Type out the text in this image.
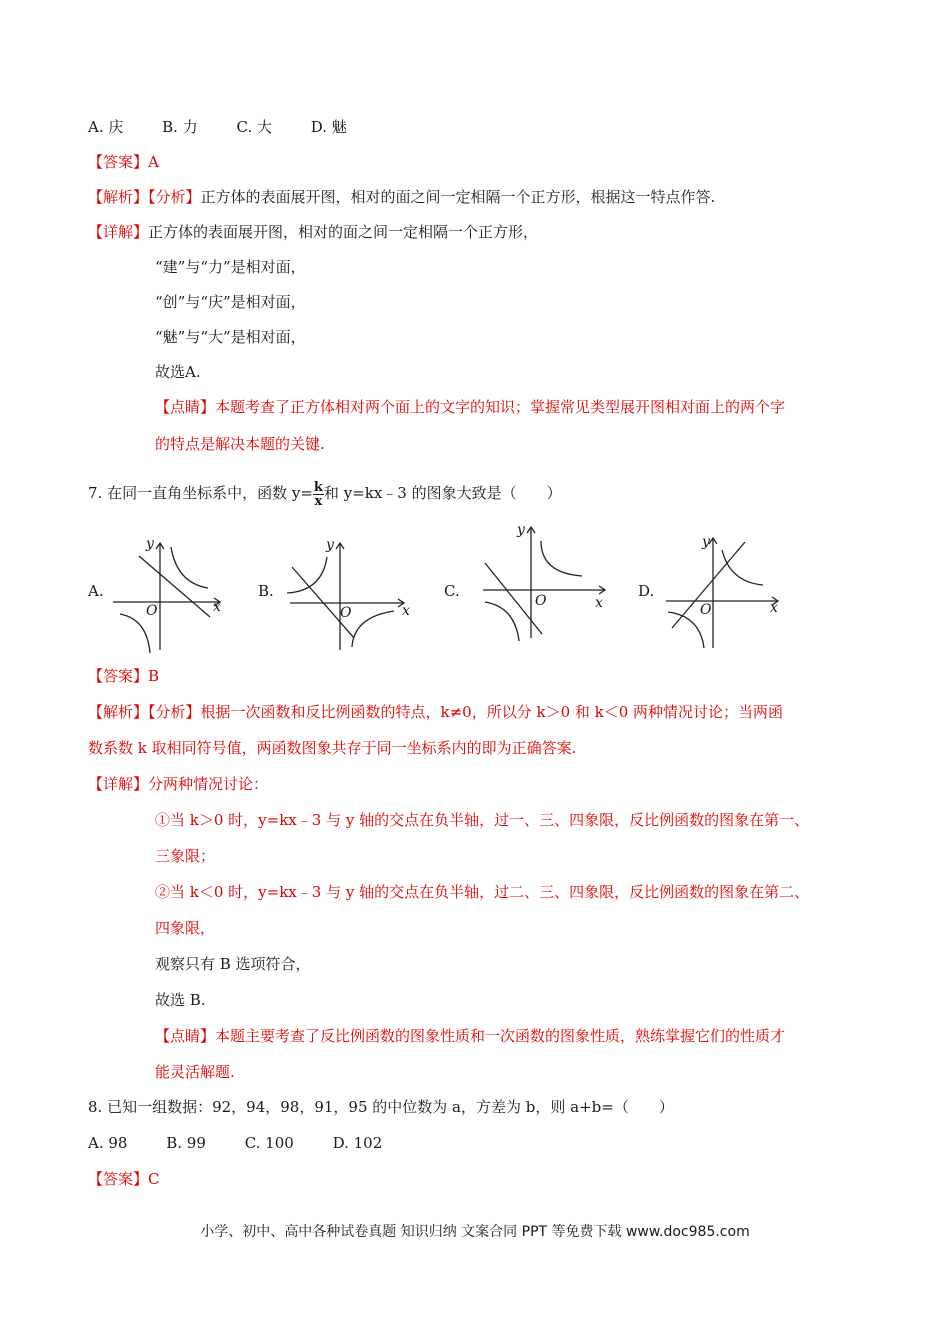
A. 庆	B. 力	C. 大	D. 魅
【答案】A
【解析】【分析】正方体的表面展开图，相对的面之间一定相隔一个正方形，根据这一特点作答.
【详解】正方体的表面展开图，相对的面之间一定相隔一个正方形，
“建”与“力”是相对面，
“创”与“庆”是相对面，
“魅”与“大”是相对面，
故选A.
【点睛】本题考查了正方体相对两个面上的文字的知识；掌握常见类型展开图相对面上的两个字
的特点是解决本题的关键.
7. 在同一直角坐标系中，函数 $y= \frac{k}{x}$ 和 y=kx﹣3 的图象大致是（　　）
A.	B.	C.	D.
y
x
O
y
x
O
y
x
O
y
x
O
【答案】B
【解析】【分析】根据一次函数和反比例函数的特点，k≠0，所以分 k＞0 和 k＜0 两种情况讨论；当两函
数系数 k 取相同符号值，两函数图象共存于同一坐标系内的即为正确答案.
【详解】分两种情况讨论：
①当 k＞0 时，y=kx﹣3 与 y 轴的交点在负半轴，过一、三、四象限，反比例函数的图象在第一、
三象限；
②当 k＜0 时，y=kx﹣3 与 y 轴的交点在负半轴，过二、三、四象限，反比例函数的图象在第二、
四象限，
观察只有 B 选项符合，
故选 B.
【点睛】本题主要考查了反比例函数的图象性质和一次函数的图象性质，熟练掌握它们的性质才
能灵活解题.
8. 已知一组数据：92，94，98，91，95 的中位数为 a，方差为 b，则 a+b=（　　）
A. 98	B. 99	C. 100	D. 102
【答案】C
小学、初中、高中各种试卷真题 知识归纳 文案合同 PPT 等免费下载 www.doc985.com
